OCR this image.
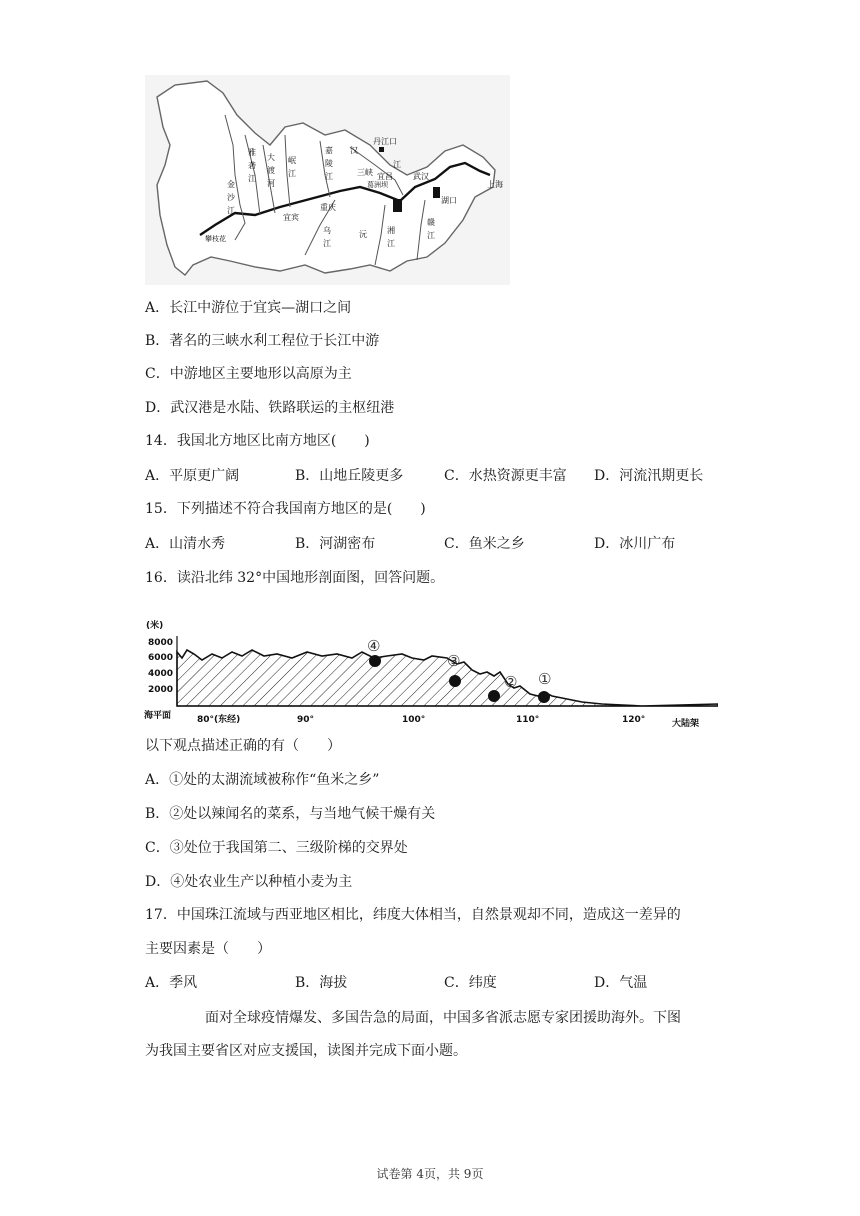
金
沙
江
雅
砻
江
大
渡
河
岷
江
嘉
陵
江
汉
江
丹江口
三峡 宜昌
葛洲坝
武汉
重庆
宜宾
湖口
上海
攀枝花
湘
江
赣
江
乌
江
沅
A．长江中游位于宜宾—湖口之间
B．著名的三峡水利工程位于长江中游
C．中游地区主要地形以高原为主
D．武汉港是水陆、铁路联运的主枢纽港
14．我国北方地区比南方地区(　　)
A．平原更广阔	B．山地丘陵更多	C．水热资源更丰富 D．河流汛期更长
15．下列描述不符合我国南方地区的是(　　)
A．山清水秀	B．河湖密布	C．鱼米之乡	D．冰川广布
16．读沿北纬 32°中国地形剖面图，回答问题。
(米)
8000
6000
4000
2000
海平面	80°(东经)	90°	100°	110°	120°	大陆架
④
③
② ①
以下观点描述正确的有（　　）
A．①处的太湖流域被称作“鱼米之乡”
B．②处以辣闻名的菜系，与当地气候干燥有关
C．③处位于我国第二、三级阶梯的交界处
D．④处农业生产以种植小麦为主
17．中国珠江流域与西亚地区相比，纬度大体相当，自然景观却不同，造成这一差异的
主要因素是（　　）
A．季风	B．海拔	C．纬度	D．气温
面对全球疫情爆发、多国告急的局面，中国多省派志愿专家团援助海外。下图
为我国主要省区对应支援国，读图并完成下面小题。
试卷第 4页，共 9页
